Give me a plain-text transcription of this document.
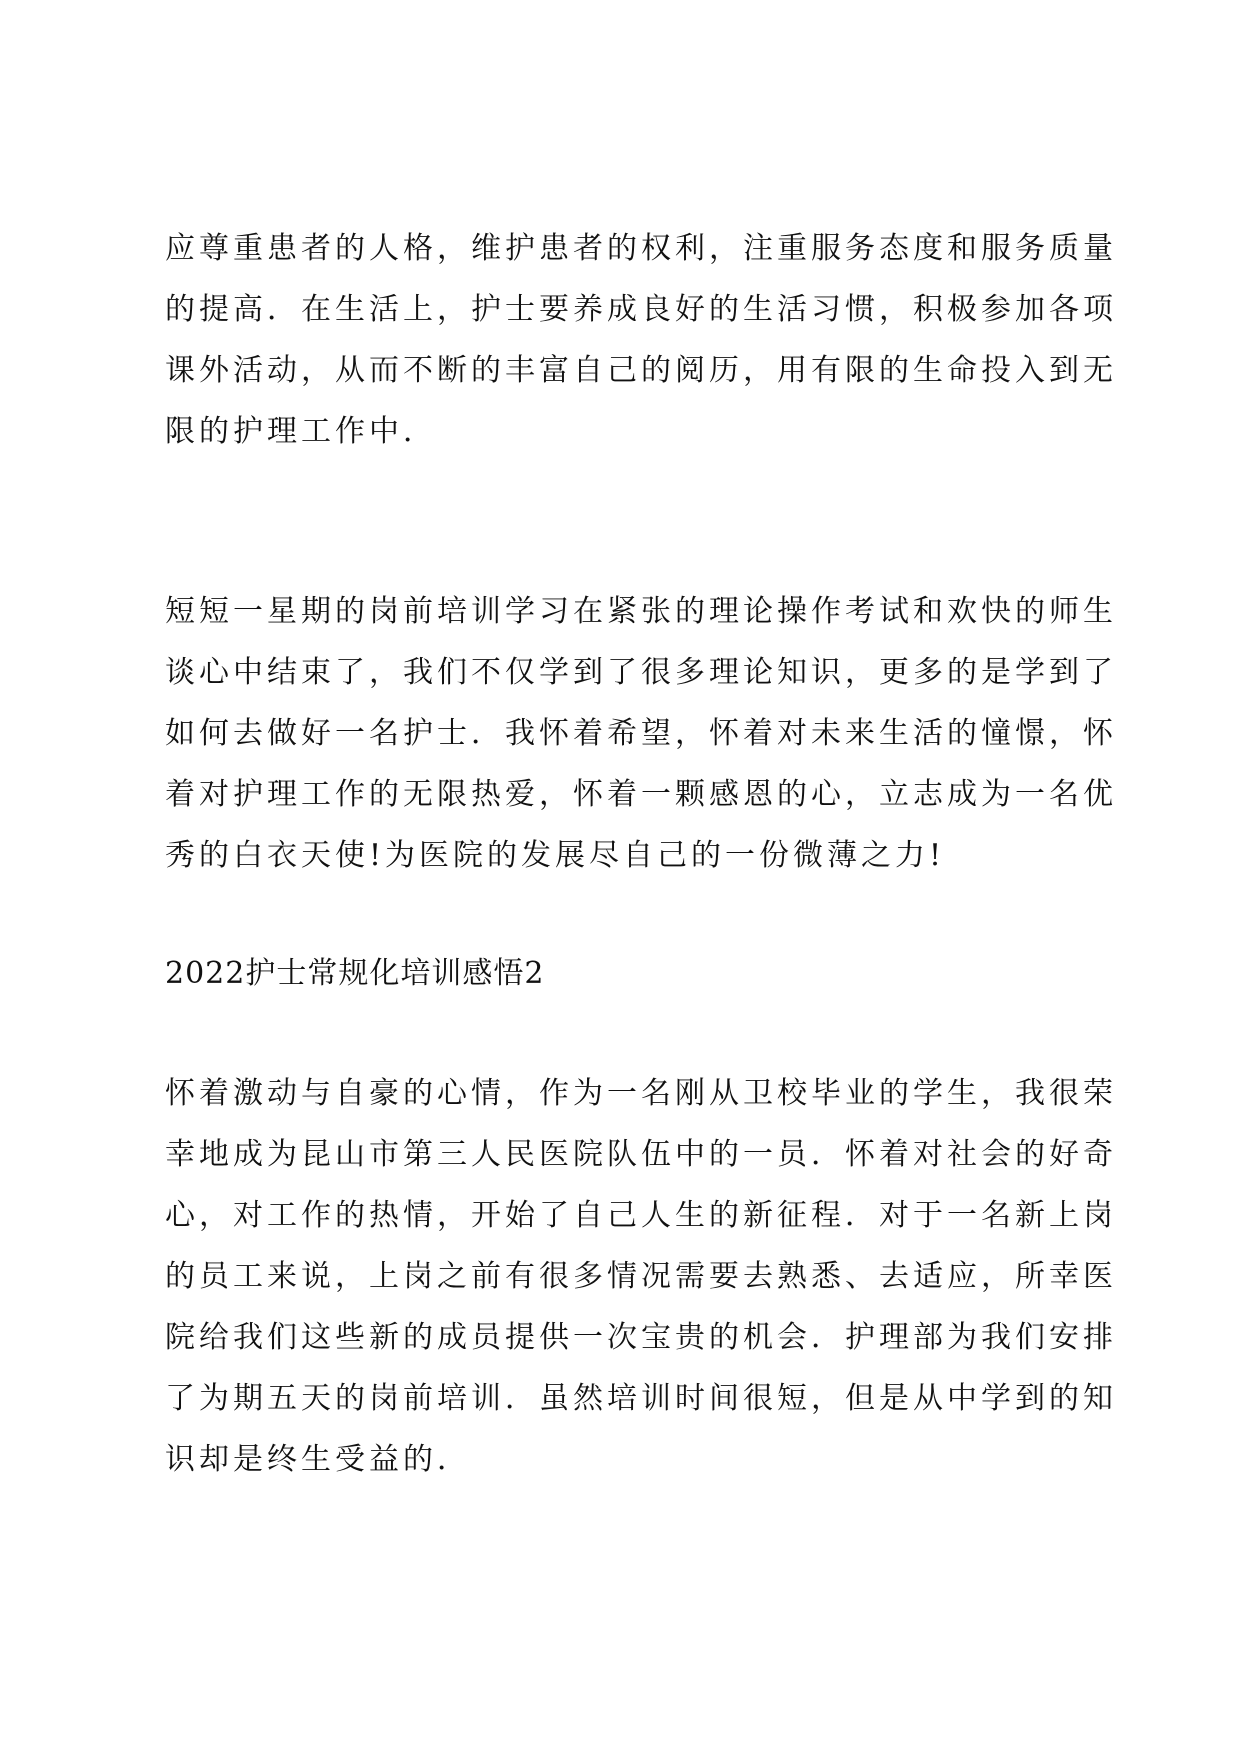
应尊重患者的人格，维护患者的权利，注重服务态度和服务质量
的提高．在生活上，护士要养成良好的生活习惯，积极参加各项
课外活动，从而不断的丰富自己的阅历，用有限的生命投入到无
限的护理工作中．
短短一星期的岗前培训学习在紧张的理论操作考试和欢快的师生
谈心中结束了，我们不仅学到了很多理论知识，更多的是学到了
如何去做好一名护士．我怀着希望，怀着对未来生活的憧憬，怀
着对护理工作的无限热爱，怀着一颗感恩的心，立志成为一名优
秀的白衣天使!为医院的发展尽自己的一份微薄之力!
2022护士常规化培训感悟2
怀着激动与自豪的心情，作为一名刚从卫校毕业的学生，我很荣
幸地成为昆山市第三人民医院队伍中的一员．怀着对社会的好奇
心，对工作的热情，开始了自己人生的新征程．对于一名新上岗
的员工来说，上岗之前有很多情况需要去熟悉、去适应，所幸医
院给我们这些新的成员提供一次宝贵的机会．护理部为我们安排
了为期五天的岗前培训．虽然培训时间很短，但是从中学到的知
识却是终生受益的．
